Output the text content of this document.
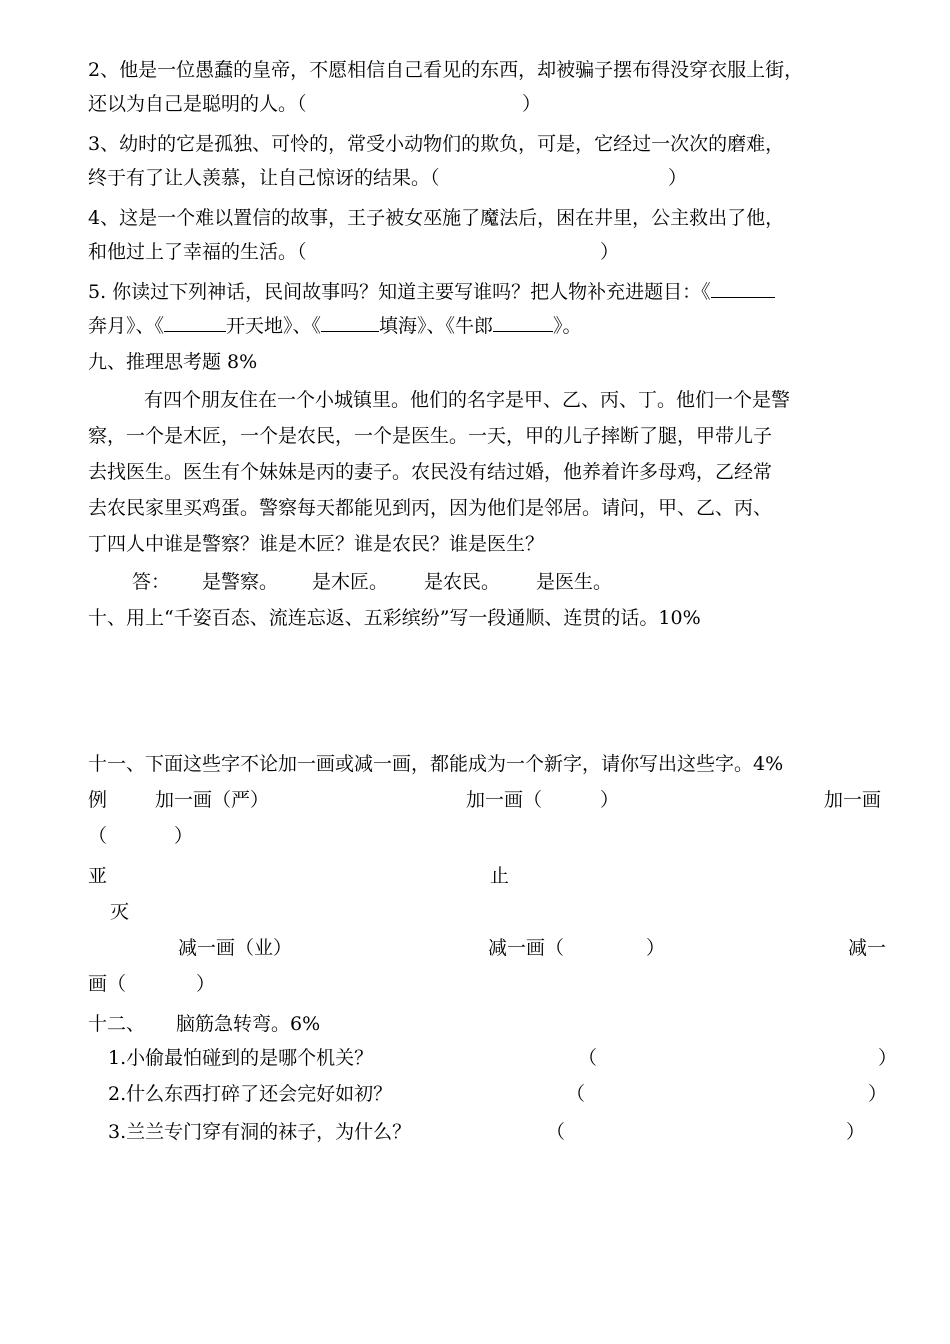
2、他是一位愚蠢的皇帝，不愿相信自己看见的东西，却被骗子摆布得没穿衣服上街，
还以为自己是聪明的人。（	）
3、幼时的它是孤独、可怜的，常受小动物们的欺负，可是，它经过一次次的磨难，
终于有了让人羡慕，让自己惊讶的结果。（	）
4、这是一个难以置信的故事，王子被女巫施了魔法后，困在井里，公主救出了他，
和他过上了幸福的生活。（	）
5. 你读过下列神话，民间故事吗？知道主要写谁吗？把人物补充进题目：《
奔月》、《	开天地》、《	填海》、《牛郎	》。
九、推理思考题 8%
有四个朋友住在一个小城镇里。他们的名字是甲、乙、丙、丁。他们一个是警
察，一个是木匠，一个是农民，一个是医生。一天，甲的儿子摔断了腿，甲带儿子
去找医生。医生有个妹妹是丙的妻子。农民没有结过婚，他养着许多母鸡，乙经常
去农民家里买鸡蛋。警察每天都能见到丙，因为他们是邻居。请问，甲、乙、丙、
丁四人中谁是警察？谁是木匠？谁是农民？谁是医生？
答： 是警察。 是木匠。 是农民。 是医生。
十、用上“千姿百态、流连忘返、五彩缤纷”写一段通顺、连贯的话。10%
十一、下面这些字不论加一画或减一画，都能成为一个新字，请你写出这些字。4%
例	加一画（严）	加一画（	）	加一画
（	）
亚	止
灭
减一画（业）	减一画（	）	减一
画（	）
十二、 脑筋急转弯。6%
1.小偷最怕碰到的是哪个机关？	（	）
2.什么东西打碎了还会完好如初？	（	）
3.兰兰专门穿有洞的袜子，为什么？	（	）
